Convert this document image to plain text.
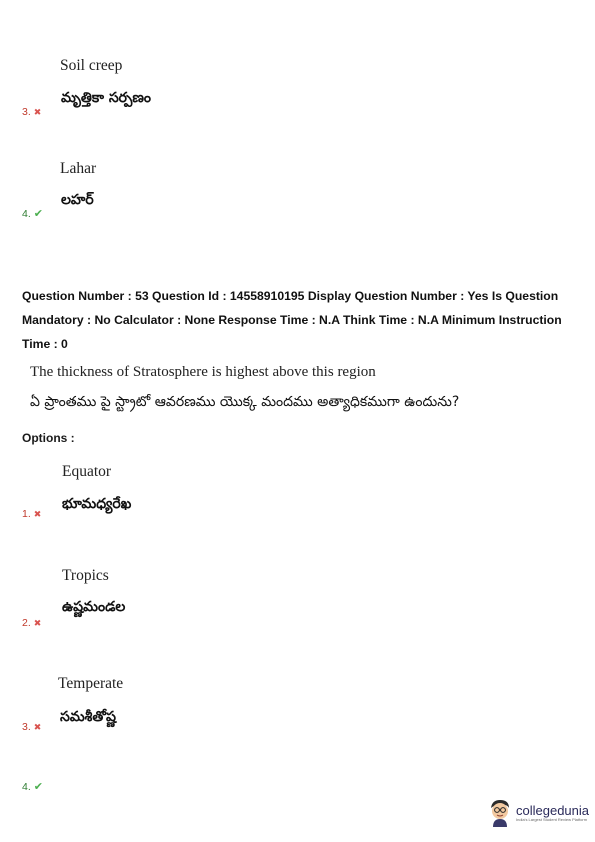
Soil creep
మృత్తికా సర్పణం
3. ✖
Lahar
లహర్
4. ✔
Question Number : 53 Question Id : 14558910195 Display Question Number : Yes Is Question Mandatory : No Calculator : None Response Time : N.A Think Time : N.A Minimum Instruction Time : 0
The thickness of Stratosphere is highest above this region
ఏ ప్రాంతము పై స్ట్రాటో ఆవరణము యొక్క మందము అత్యాధికముగా ఉందును?
Options :
Equator
భూమధ్యరేఖ
1. ✖
Tropics
ఉష్ణమండల
2. ✖
Temperate
సమశీతోష్ణ
3. ✖
4. ✔
collegedunia
India's Largest Student Review Platform
